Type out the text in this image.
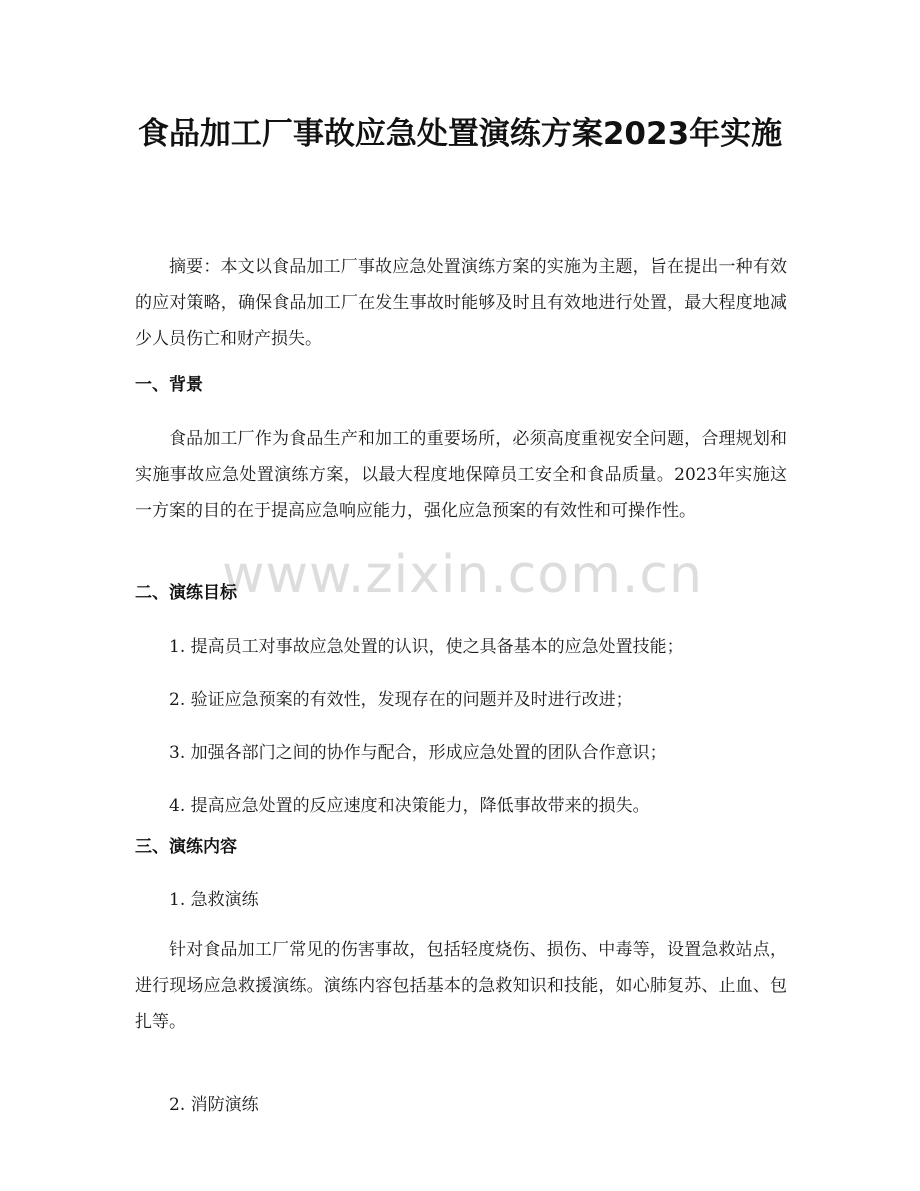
食品加工厂事故应急处置演练方案2023年实施

摘要：本文以食品加工厂事故应急处置演练方案的实施为主题，旨在提出一种有效的应对策略，确保食品加工厂在发生事故时能够及时且有效地进行处置，最大程度地减少人员伤亡和财产损失。

一、背景

食品加工厂作为食品生产和加工的重要场所，必须高度重视安全问题，合理规划和实施事故应急处置演练方案，以最大程度地保障员工安全和食品质量。2023年实施这一方案的目的在于提高应急响应能力，强化应急预案的有效性和可操作性。

www.zixin.com.cn
二、演练目标

1. 提高员工对事故应急处置的认识，使之具备基本的应急处置技能；

2. 验证应急预案的有效性，发现存在的问题并及时进行改进；

3. 加强各部门之间的协作与配合，形成应急处置的团队合作意识；

4. 提高应急处置的反应速度和决策能力，降低事故带来的损失。

三、演练内容

1. 急救演练

针对食品加工厂常见的伤害事故，包括轻度烧伤、损伤、中毒等，设置急救站点，进行现场应急救援演练。演练内容包括基本的急救知识和技能，如心肺复苏、止血、包扎等。

2. 消防演练
